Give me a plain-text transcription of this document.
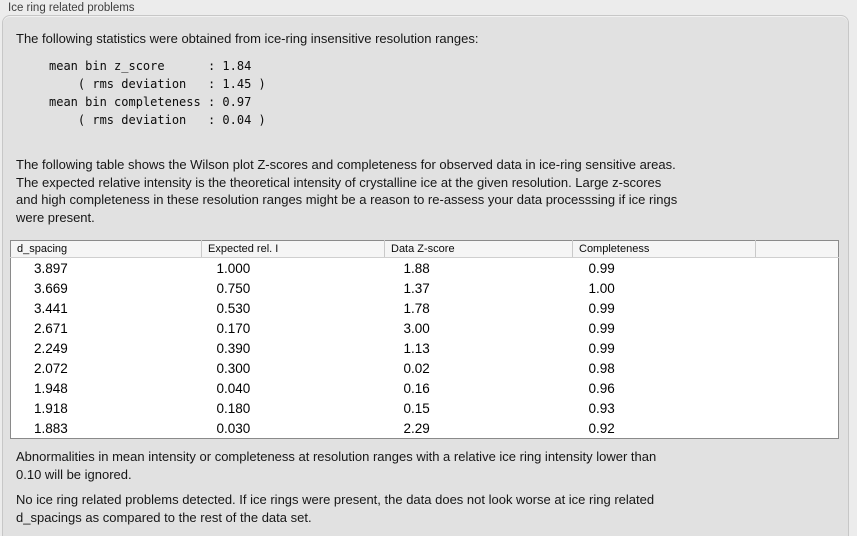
Ice ring related problems
The following statistics were obtained from ice-ring insensitive resolution ranges:
mean bin z_score      : 1.84
( rms deviation   : 1.45 )
mean bin completeness : 0.97
( rms deviation   : 0.04 )
The following table shows the Wilson plot Z-scores and completeness for observed data in ice-ring sensitive areas.
The expected relative intensity is the theoretical intensity of crystalline ice at the given resolution. Large z-scores
and high completeness in these resolution ranges might be a reason to re-assess your data processsing if ice rings
were present.
d_spacing	Expected rel. I	Data Z-score	Completeness	
3.897	1.000	1.88	0.99	
3.669	0.750	1.37	1.00	
3.441	0.530	1.78	0.99	
2.671	0.170	3.00	0.99	
2.249	0.390	1.13	0.99	
2.072	0.300	0.02	0.98	
1.948	0.040	0.16	0.96	
1.918	0.180	0.15	0.93	
1.883	0.030	2.29	0.92	
Abnormalities in mean intensity or completeness at resolution ranges with a relative ice ring intensity lower than
0.10 will be ignored.
No ice ring related problems detected. If ice rings were present, the data does not look worse at ice ring related
d_spacings as compared to the rest of the data set.
